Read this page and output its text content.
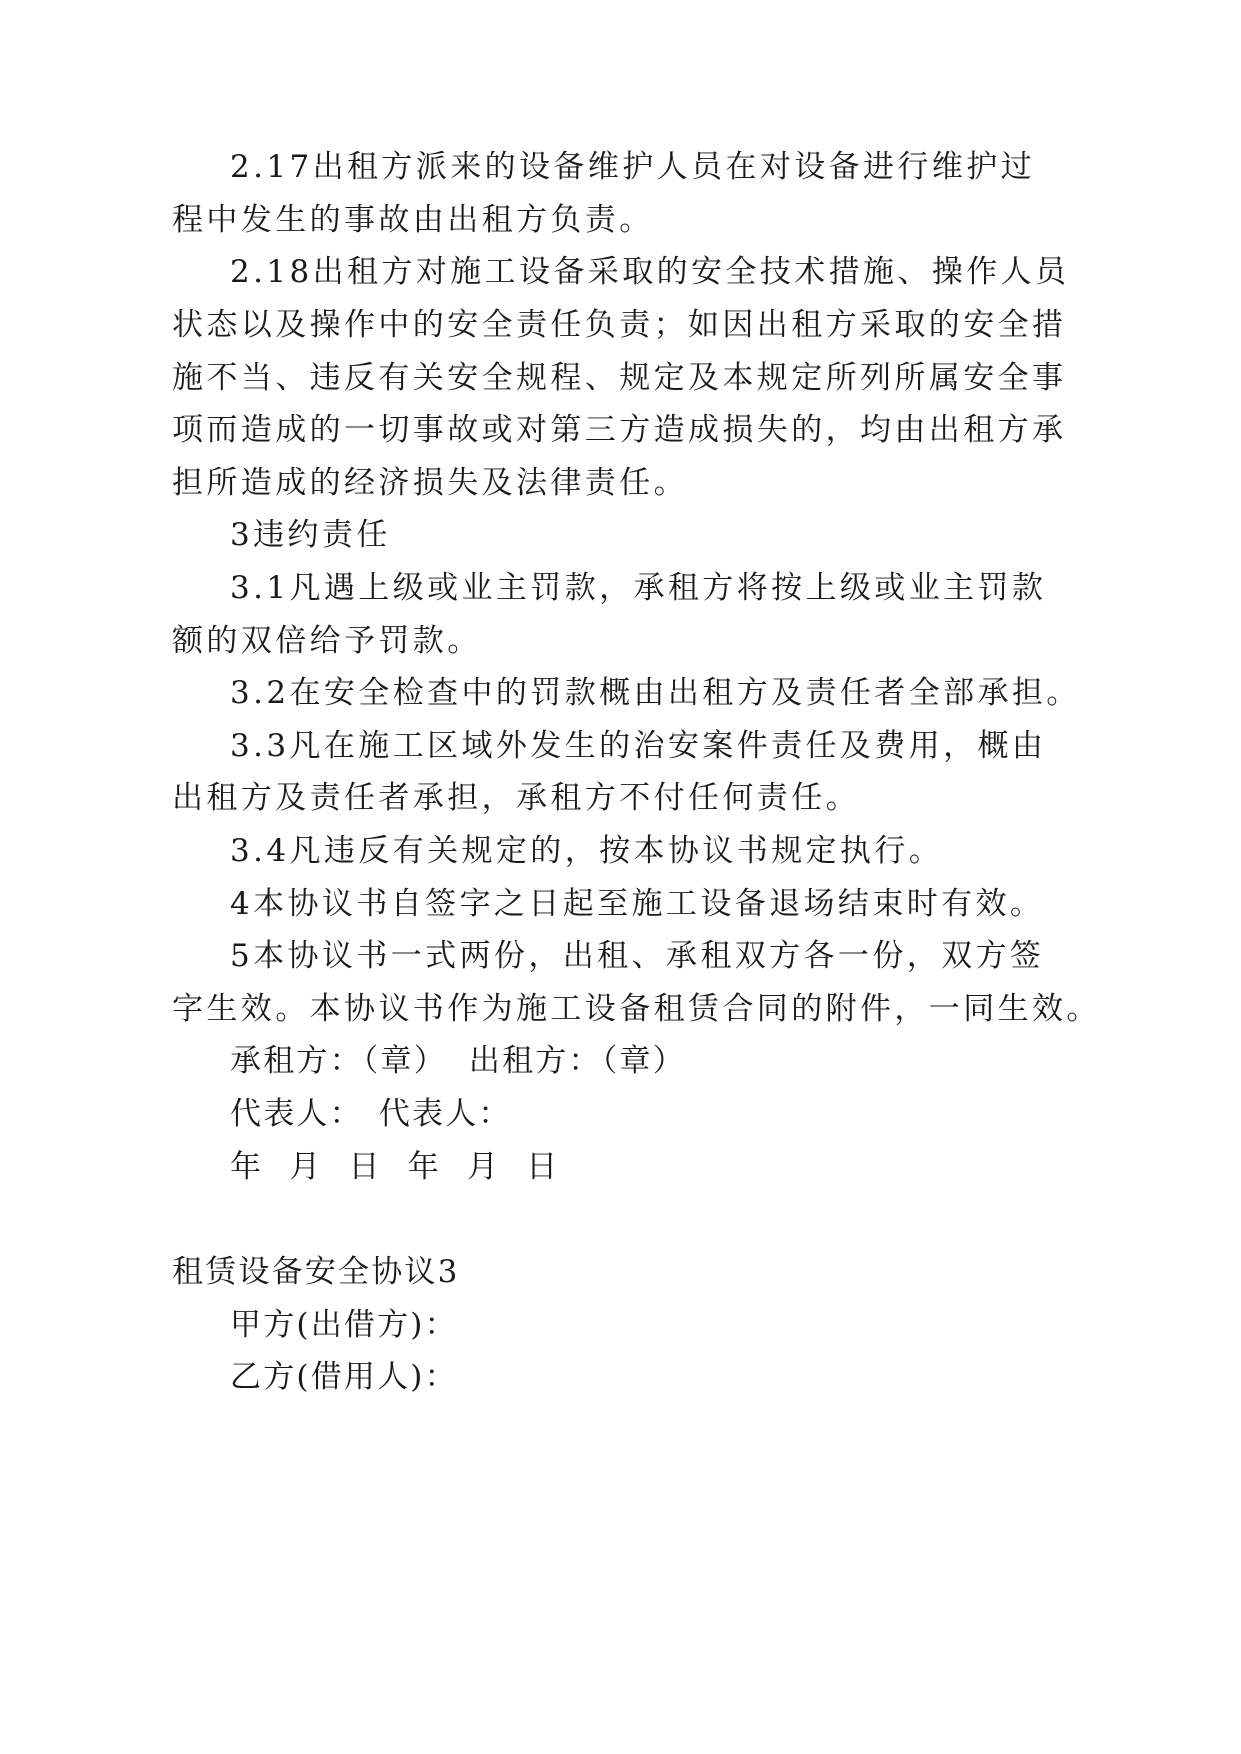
2.17出租方派来的设备维护人员在对设备进行维护过
程中发生的事故由出租方负责。
2.18出租方对施工设备采取的安全技术措施、操作人员
状态以及操作中的安全责任负责；如因出租方采取的安全措
施不当、违反有关安全规程、规定及本规定所列所属安全事
项而造成的一切事故或对第三方造成损失的，均由出租方承
担所造成的经济损失及法律责任。
3违约责任
3.1凡遇上级或业主罚款，承租方将按上级或业主罚款
额的双倍给予罚款。
3.2在安全检查中的罚款概由出租方及责任者全部承担。
3.3凡在施工区域外发生的治安案件责任及费用，概由
出租方及责任者承担，承租方不付任何责任。
3.4凡违反有关规定的，按本协议书规定执行。
4本协议书自签字之日起至施工设备退场结束时有效。
5本协议书一式两份，出租、承租双方各一份，双方签
字生效。本协议书作为施工设备租赁合同的附件，一同生效。
承租方：（章） 出租方：（章）
代表人： 代表人：
年 月 日 年 月 日
租赁设备安全协议3
甲方(出借方)：
乙方(借用人)：
